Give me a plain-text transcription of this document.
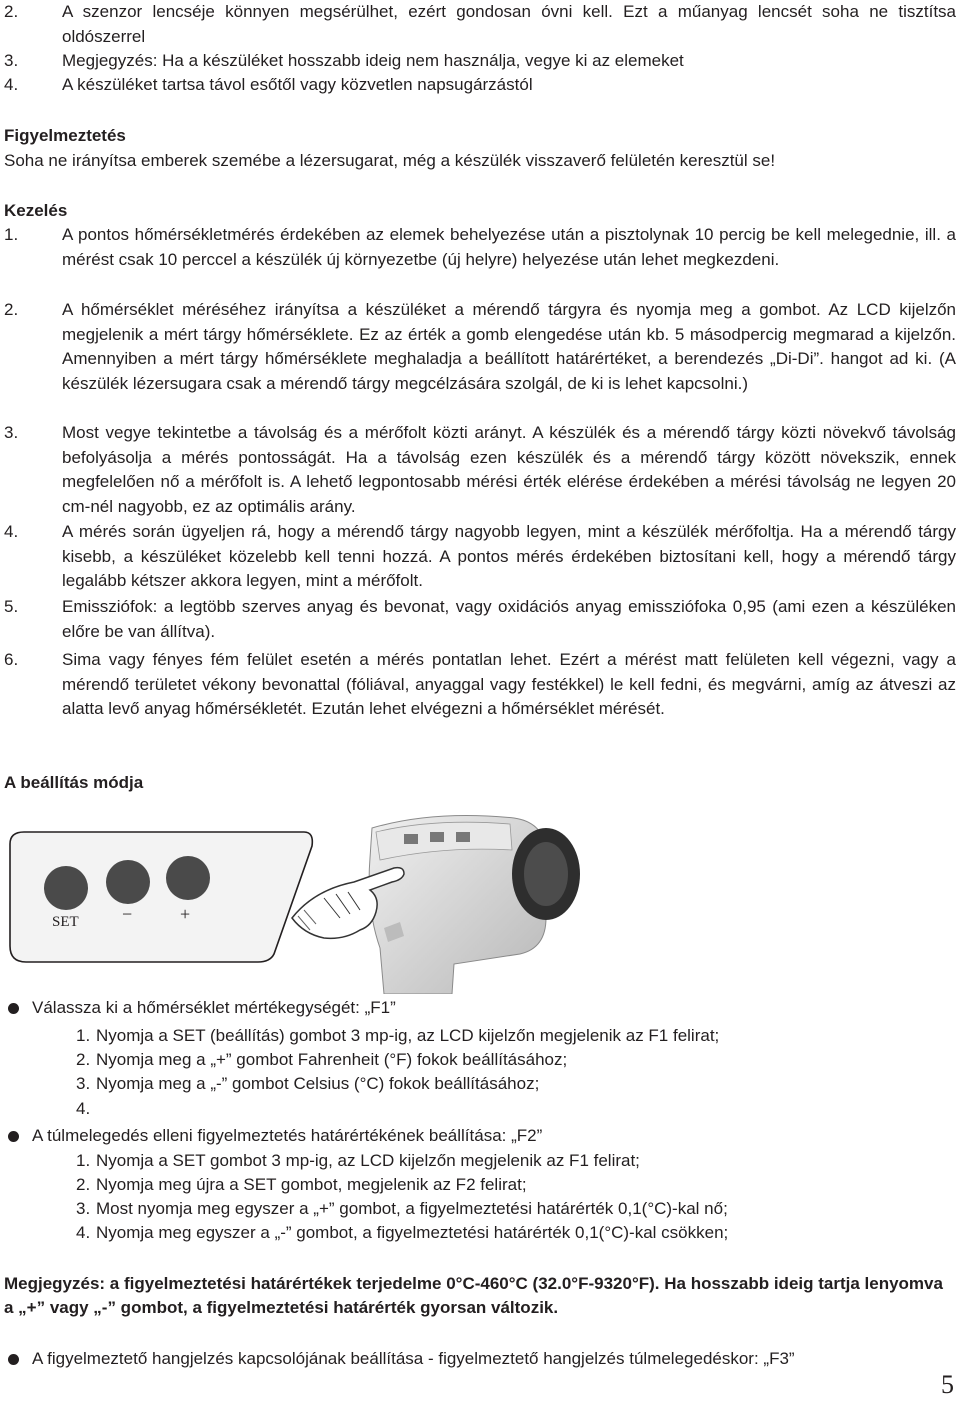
2.	A szenzor lencséje könnyen megsérülhet, ezért gondosan óvni kell. Ezt a műanyag lencsét soha ne tisztítsa oldószerrel
3.	Megjegyzés: Ha a készüléket hosszabb ideig nem használja, vegye ki az elemeket
4.	A készüléket tartsa távol esőtől vagy közvetlen napsugárzástól
Figyelmeztetés
Soha ne irányítsa emberek szemébe a lézersugarat, még a készülék visszaverő felületén keresztül se!
Kezelés
1.	A pontos hőmérsékletmérés érdekében az elemek behelyezése után a pisztolynak 10 percig be kell melegednie, ill. a mérést csak 10 perccel a készülék új környezetbe (új helyre) helyezése után lehet megkezdeni.
2.	A hőmérséklet méréséhez irányítsa a készüléket a mérendő tárgyra és nyomja meg a gombot. Az LCD kijelzőn megjelenik a mért tárgy hőmérséklete. Ez az érték a gomb elengedése után kb. 5 másodpercig megmarad a kijelzőn. Amennyiben a mért tárgy hőmérséklete meghaladja a beállított határértéket, a berendezés „Di-Di”. hangot ad ki. (A készülék lézersugara csak a mérendő tárgy megcélzására szolgál, de ki is lehet kapcsolni.)
3.	Most vegye tekintetbe a távolság és a mérőfolt közti arányt. A készülék és a mérendő tárgy közti növekvő távolság befolyásolja a mérés pontosságát. Ha a távolság ezen készülék és a mérendő tárgy között növekszik, ennek megfelelően nő a mérőfolt is. A lehető legpontosabb mérési érték elérése érdekében a mérési távolság ne legyen 20 cm-nél nagyobb, ez az optimális arány.
4.	A mérés során ügyeljen rá, hogy a mérendő tárgy nagyobb legyen, mint a készülék mérőfoltja. Ha a mérendő tárgy kisebb, a készüléket közelebb kell tenni hozzá. A pontos mérés érdekében biztosítani kell, hogy a mérendő tárgy legalább kétszer akkora legyen, mint a mérőfolt.
5.	Emissziófok: a legtöbb szerves anyag és bevonat, vagy oxidációs anyag emissziófoka 0,95 (ami ezen a készüléken előre be van állítva).
6.	Sima vagy fényes fém felület esetén a mérés pontatlan lehet. Ezért a mérést matt felületen kell végezni, vagy a mérendő területet vékony bevonattal (fóliával, anyaggal vagy festékkel) le kell fedni, és megvárni, amíg az átveszi az alatta levő anyag hőmérsékletét. Ezután lehet elvégezni a hőmérséklet mérését.
A beállítás módja
SET −	+
Válassza ki a hőmérséklet mértékegységét: „F1”
1. Nyomja a SET (beállítás) gombot 3 mp-ig, az LCD kijelzőn megjelenik az F1 felirat;
2. Nyomja meg a „+” gombot Fahrenheit (°F) fokok beállításához;
3. Nyomja meg a „-” gombot Celsius (°C) fokok beállításához;
4.
A túlmelegedés elleni figyelmeztetés határértékének beállítása: „F2”
1. Nyomja a SET gombot 3 mp-ig, az LCD kijelzőn megjelenik az F1 felirat;
2. Nyomja meg újra a SET gombot, megjelenik az F2 felirat;
3. Most nyomja meg egyszer a „+” gombot, a figyelmeztetési határérték 0,1(°C)-kal nő;
4. Nyomja meg egyszer a „-” gombot, a figyelmeztetési határérték 0,1(°C)-kal csökken;
Megjegyzés: a figyelmeztetési határértékek terjedelme 0°C-460°C (32.0°F-9320°F). Ha hosszabb ideig tartja lenyomva a „+” vagy „-” gombot, a figyelmeztetési határérték gyorsan változik.
A figyelmeztető hangjelzés kapcsolójának beállítása - figyelmeztető hangjelzés túlmelegedéskor: „F3”
5
